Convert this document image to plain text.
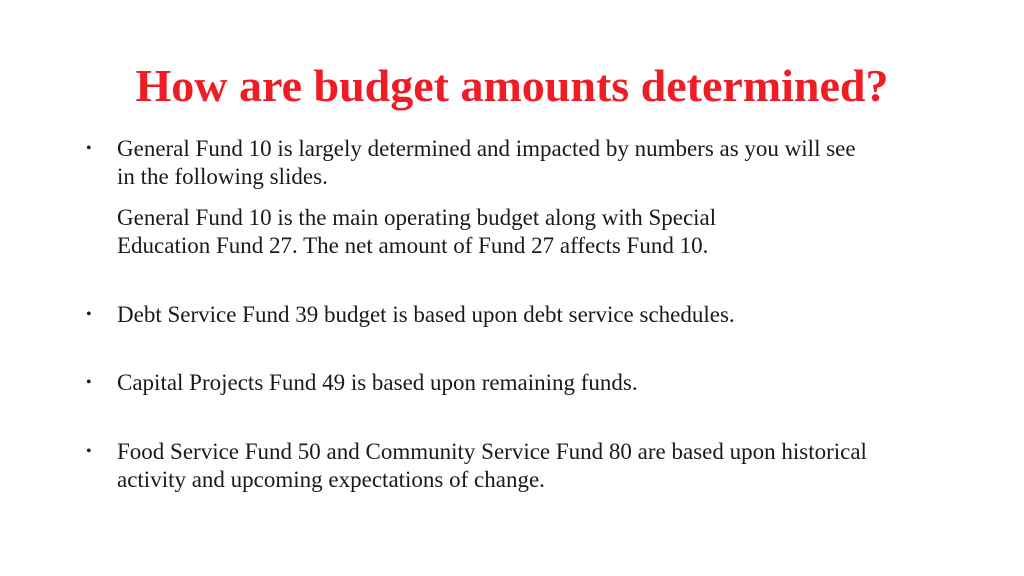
How are budget amounts determined?
• General Fund 10 is largely determined and impacted by numbers as you will see
in the following slides.
General Fund 10 is the main operating budget along with Special
Education Fund 27. The net amount of Fund 27 affects Fund 10.
• Debt Service Fund 39 budget is based upon debt service schedules.
• Capital Projects Fund 49 is based upon remaining funds.
• Food Service Fund 50 and Community Service Fund 80 are based upon historical
activity and upcoming expectations of change.
